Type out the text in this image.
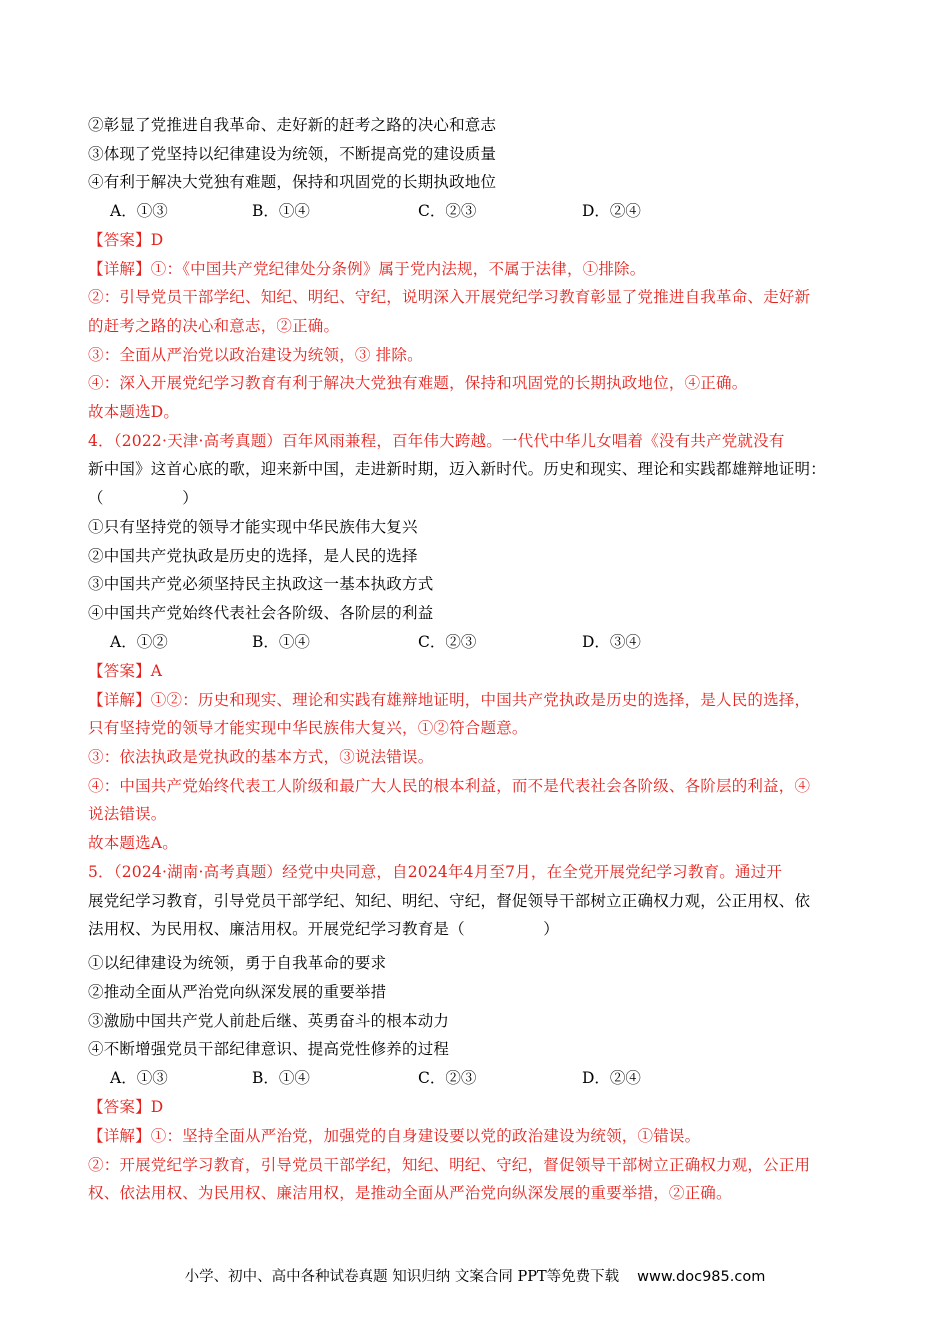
②彰显了党推进自我革命、走好新的赶考之路的决心和意志
③体现了党坚持以纪律建设为统领，不断提高党的建设质量
④有利于解决大党独有难题，保持和巩固党的长期执政地位
A．①③	B．①④	C．②③	D．②④
【答案】D
【详解】①：《中国共产党纪律处分条例》属于党内法规，不属于法律，①排除。
②：引导党员干部学纪、知纪、明纪、守纪，说明深入开展党纪学习教育彰显了党推进自我革命、走好新
的赶考之路的决心和意志，②正确。
③：全面从严治党以政治建设为统领，③ 排除。
④：深入开展党纪学习教育有利于解决大党独有难题，保持和巩固党的长期执政地位，④正确。
故本题选D。
4．（2022·天津·高考真题）百年风雨兼程，百年伟大跨越。一代代中华儿女唱着《没有共产党就没有
新中国》这首心底的歌，迎来新中国，走进新时期，迈入新时代。历史和现实、理论和实践都雄辩地证明：
（　　　　　）
①只有坚持党的领导才能实现中华民族伟大复兴
②中国共产党执政是历史的选择，是人民的选择
③中国共产党必须坚持民主执政这一基本执政方式
④中国共产党始终代表社会各阶级、各阶层的利益
A．①②	B．①④	C．②③	D．③④
【答案】A
【详解】①②：历史和现实、理论和实践有雄辩地证明，中国共产党执政是历史的选择，是人民的选择，
只有坚持党的领导才能实现中华民族伟大复兴，①②符合题意。
③：依法执政是党执政的基本方式，③说法错误。
④：中国共产党始终代表工人阶级和最广大人民的根本利益，而不是代表社会各阶级、各阶层的利益，④
说法错误。
故本题选A。
5．（2024·湖南·高考真题）经党中央同意，自2024年4月至7月，在全党开展党纪学习教育。通过开
展党纪学习教育，引导党员干部学纪、知纪、明纪、守纪，督促领导干部树立正确权力观，公正用权、依
法用权、为民用权、廉洁用权。开展党纪学习教育是（　　　　　）
①以纪律建设为统领，勇于自我革命的要求
②推动全面从严治党向纵深发展的重要举措
③激励中国共产党人前赴后继、英勇奋斗的根本动力
④不断增强党员干部纪律意识、提高党性修养的过程
A．①③	B．①④	C．②③	D．②④
【答案】D
【详解】①：坚持全面从严治党，加强党的自身建设要以党的政治建设为统领，①错误。
②：开展党纪学习教育，引导党员干部学纪，知纪、明纪、守纪，督促领导干部树立正确权力观，公正用
权、依法用权、为民用权、廉洁用权，是推动全面从严治党向纵深发展的重要举措，②正确。
小学、初中、高中各种试卷真题 知识归纳 文案合同 PPT等免费下载 www.doc985.com
